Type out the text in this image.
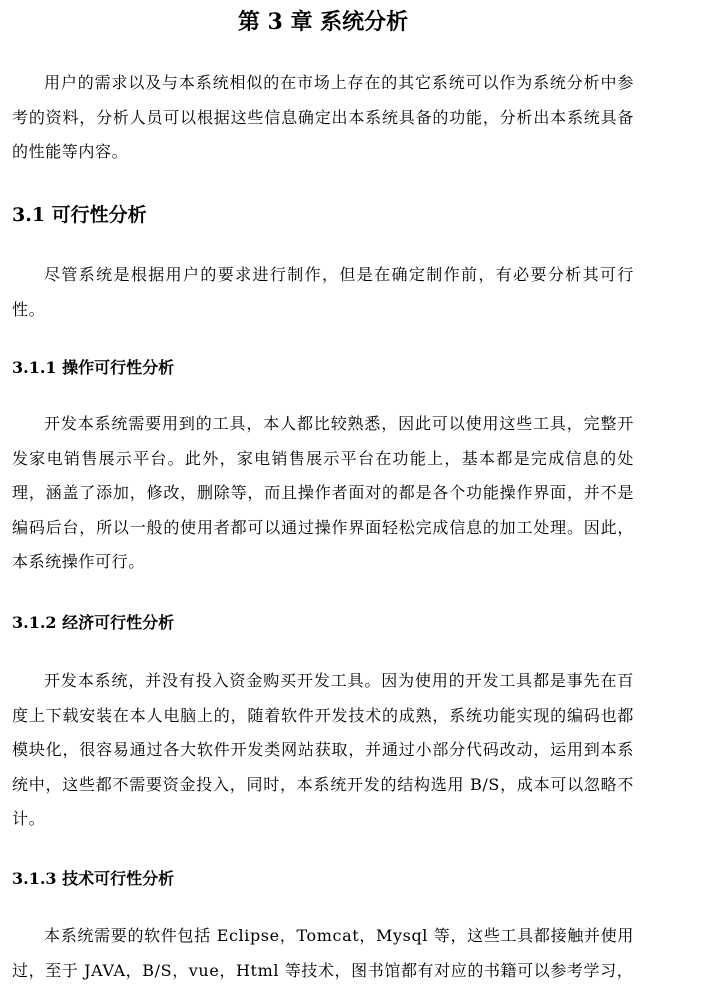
第 3 章 系统分析

用户的需求以及与本系统相似的在市场上存在的其它系统可以作为系统分析中参考的资料，分析人员可以根据这些信息确定出本系统具备的功能，分析出本系统具备的性能等内容。

3.1 可行性分析

尽管系统是根据用户的要求进行制作，但是在确定制作前，有必要分析其可行性。

3.1.1 操作可行性分析

开发本系统需要用到的工具，本人都比较熟悉，因此可以使用这些工具，完整开发家电销售展示平台。此外，家电销售展示平台在功能上，基本都是完成信息的处理，涵盖了添加，修改，删除等，而且操作者面对的都是各个功能操作界面，并不是编码后台，所以一般的使用者都可以通过操作界面轻松完成信息的加工处理。因此，本系统操作可行。

3.1.2 经济可行性分析

开发本系统，并没有投入资金购买开发工具。因为使用的开发工具都是事先在百度上下载安装在本人电脑上的，随着软件开发技术的成熟，系统功能实现的编码也都模块化，很容易通过各大软件开发类网站获取，并通过小部分代码改动，运用到本系统中，这些都不需要资金投入，同时，本系统开发的结构选用 B/S，成本可以忽略不计。

3.1.3 技术可行性分析

本系统需要的软件包括 Eclipse，Tomcat，Mysql 等，这些工具都接触并使用过，至于 JAVA，B/S，vue，Html 等技术，图书馆都有对应的书籍可以参考学习，
